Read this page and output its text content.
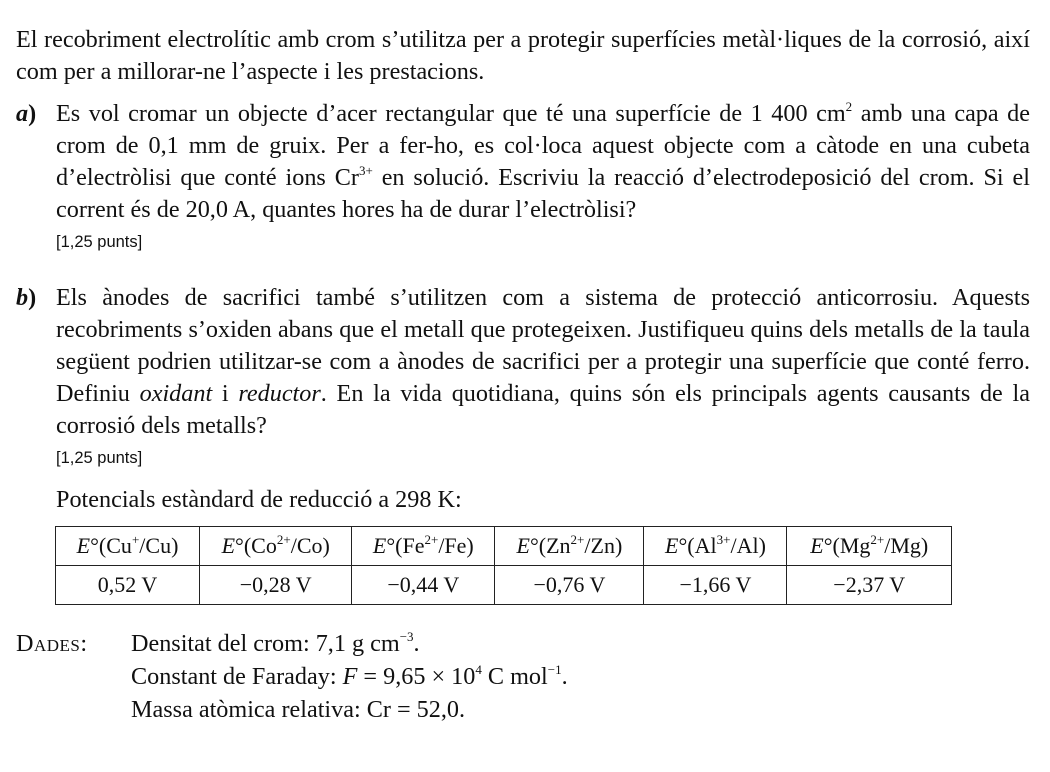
El recobriment electrolític amb crom s’utilitza per a protegir superfícies metàl·liques de la corrosió, així com per a millorar-ne l’aspecte i les prestacions.

a) Es vol cromar un objecte d’acer rectangular que té una superfície de 1 400 $cm^2$ amb una capa de crom de 0,1 mm de gruix. Per a fer-ho, es col·loca aquest objecte com a càtode en una cubeta d’electròlisi que conté ions $Cr^{3+}$ en solució. Escriviu la reacció d’electrodeposició del crom. Si el corrent és de 20,0 A, quantes hores ha de durar l’electròlisi?

[1,25 punts]
b) Els ànodes de sacrifici també s’utilitzen com a sistema de protecció anticorrosiu. Aquests recobriments s’oxiden abans que el metall que protegeixen. Justifiqueu quins dels metalls de la taula següent podrien utilitzar-se com a ànodes de sacrifici per a protegir una superfície que conté ferro. Definiu oxidant i reductor. En la vida quotidiana, quins són els principals agents causants de la corrosió dels metalls?

[1,25 punts]
Potencials estàndard de reducció a 298 K:
E°(Cu+/Cu)	$E^\circ(Co^{2+}/Co)$	$E^\circ(Fe^{2+}/Fe)$	$E^\circ(Zn^{2+}/Zn)$	$E^\circ(Al^{3+}/Al)$	$E^\circ(Mg^{2+}/Mg)$
0,52 V	−0,28 V	−0,44 V	−0,76 V	−1,66 V	−2,37 V
Dades:	Densitat del crom: 7,1 g $cm^{-3}$.
Constant de Faraday: $F = 9,65 \times 10^4$ C mol$^{-1}$.
Massa atòmica relativa: Cr = 52,0.
